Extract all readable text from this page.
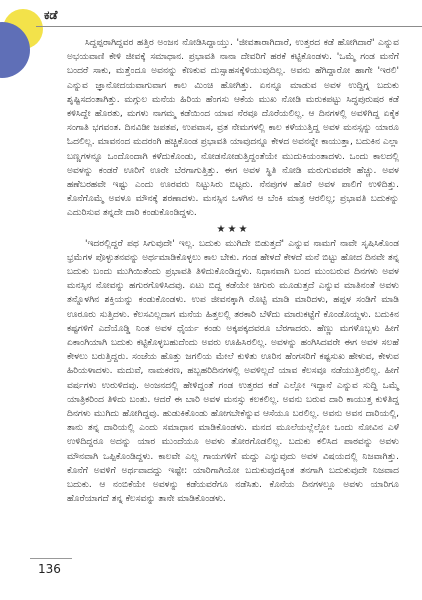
ಕಡೆ

ಸಿದ್ದಪ್ಪರಾಗಿದ್ದವರ ಹತ್ತಿರ ಅಂಜನ ನೋಡಿಸಿದ್ದಾಯ್ತು. 'ಜೀವತಾರಾಗಿದಾರೆ, ಉತ್ತರದ ಕಡೆ ಹೋಗಿದಾರೆ' ಎನ್ನುವ ಅಭಯವಾಣಿ ಕೇಳಿ ಜೀವಕ್ಕೆ ಸಮಾಧಾನ. ಪ್ರಭಾವತಿ ನಾನಾ ದೇವರಿಗೆ ಹರಕೆ ಕಟ್ಟಿಕೊಂಡಳು. 'ಒಮ್ಮೆ ಗಂಡ ಮನೆಗೆ ಬಂದರೆ ಸಾಕು, ಮತ್ತೆಂದೂ ಅವನನ್ನು ಕೆಣಕುವ ದುಸ್ಸಾಹಸಕ್ಕೆಳಿಯುವುದಿಲ್ಲ. ಅವನು ಹೆಗಿದ್ದಾರೋ ಹಾಗೇ 'ಇರಲಿ' ಎನ್ನುವ ಜ್ಞಾನೋದಯವಾಗುವಾಗ ಕಾಲ ಮಿಂಚಿ ಹೋಗಿತ್ತು. ಏನನ್ನೂ ಮಾಡುವ ಅವಳ ಉದ್ದಿಗ್ನ ಬದುಕು ಶೃಷ್ಟಿಸದಂತಾಗಿತ್ತು. ಮಗ್ಗುಲ ಮನೆಯ ಹಿರಿಯ ಹೆಂಗಸು ಆಕೆಯ ಮುಖ ನೋಡಿ ಮರುಕಪಟ್ಟು ಸಿದ್ಧಪುರುಷರ ಕಡೆ ಕಳಿಸಿದ್ದೇ ಹೊರತು, ಮಗಳು ನಾಗಮ್ಮ ಕಡೆಯಿಂದ ಯಾವ ನೆರವೂ ದೊರೆಯಲಿಲ್ಲ. ಆ ದಿನಗಳಲ್ಲಿ ಅವಳಿಗಿದ್ದ ಏಕೈಕ ಸಂಗಾತಿ ಭಗವಂತ. ದಿನವಿಡೀ ಜಪತಪ, ಉಪವಾಸ, ವ್ರತ ನೇಮಗಳಲ್ಲಿ ಕಾಲ ಕಳೆಯುತ್ತಿದ್ದ ಅವಳ ಮನಸ್ಸನ್ನು ಯಾರೂ ಓದಲಿಲ್ಲ. ಮಾವನಂದ ಮದರಂಗಿ ಹಚ್ಚಿಕೊಂಡ ಪ್ರಭಾವತಿ ಯಾವುದನ್ನೂ ಕೇಳದ ಅವನನ್ನೇ ಕಾಯುತ್ತಾ, ಬದುಕಿನ ಎಲ್ಲಾ ಬಣ್ಣಗಳನ್ನೂ ಒಂದೊಂದಾಗಿ ಕಳೆದುಕೊಂಡು, ನೋಡನೋಡುತ್ತಿದ್ದಂತೆಯೇ ಮುದುಕಿಯಂತಾದಳು. ಒಂದು ಕಾಲದಲ್ಲಿ ಅವಳನ್ನು ಕಂಡರೆ ಊರಿಗೆ ಊರೇ ಬೆರಗಾಗುತ್ತಿತ್ತು. ಈಗ ಅವಳ ಸ್ಥಿತಿ ನೋಡಿ ಮರುಗುವವರೇ ಹೆಚ್ಚು. ಅವಳ ಹಣೆಬರಹವೇ ಇಷ್ಟು ಎಂದು ಊರವರು ನಿಟ್ಟುಸಿರು ಬಿಟ್ಟರು. ನೆನಪುಗಳ ಹೊರೆ ಅವಳ ಪಾಲಿಗೆ ಉಳಿದಿತ್ತು. ಕೊನೆಗೊಮ್ಮೆ ಅವಳೂ ಮೌನಕ್ಕೆ ಶರಣಾದಳು. ಮನಸ್ಸಿನ ಒಳಗಿನ ಆ ಬೆಂಕಿ ಮಾತ್ರ ಆರಲಿಲ್ಲ; ಪ್ರಭಾವತಿ ಬದುಕನ್ನು ಎದುರಿಸುವ ತನ್ನದೇ ದಾರಿ ಕಂಡುಕೊಂಡಿದ್ದಳು.

★★★

'ಇದರಲ್ಲಿದ್ದರೆ ಪಥ ಸಿಗುವುದೇ' ಇಲ್ಲ. ಬದುಕು ಮುಗಿದೇ ಬಿಡುತ್ತದೆ' ಎನ್ನುವ ನಾಮಗೆ ನಾವೇ ಸೃಷಿಸಿಕೊಂಡ ಭ್ರಮೆಗಳ ಪೊಳ್ಳುತನವನ್ನು ಅರ್ಥಮಾಡಿಕೊಳ್ಳಲು ಕಾಲ ಬೇಕು. ಗಂಡ ಹೇಳದೆ ಕೇಳದೆ ಮನೆ ಬಿಟ್ಟು ಹೋದ ದಿನವೇ ತನ್ನ ಬದುಕು ಬಂದು ಮುಗಿಯಿತೆಂದು ಪ್ರಭಾವತಿ ತಿಳಿದುಕೊಂಡಿದ್ದಳು. ನಿಧಾನವಾಗಿ ಬಂದ ಮುಂಬರುವ ದಿನಗಳು ಅವಳ ಮನಸ್ಸಿನ ನೋವನ್ನು ಹಗುರಗೊಳಿಸಿದವು. ಏಟು ಬಿದ್ದ ಕಡೆಯೇ ಚಿಗುರು ಮೂಡುತ್ತದೆ ಎನ್ನುವ ಮಾತಿನಂತೆ ಅವಳು ತನ್ನೊಳಗಿನ ಶಕ್ತಿಯನ್ನು ಕಂಡುಕೊಂಡಳು. ಉಪ ಜೀವನಕ್ಕಾಗಿ ರೊಟ್ಟಿ ಮಾಡಿ ಮಾರಿದಳು, ಹಪ್ಪಳ ಸಂಡಿಗೆ ಮಾಡಿ ಊರೂರು ಸುತ್ತಿದಳು. ಕೆಲಸವಿಲ್ಲದಾಗ ಮನೆಯ ಹಿತ್ತಲಲ್ಲಿ ತರಕಾರಿ ಬೆಳೆದು ಮಾರುಕಟ್ಟೆಗೆ ಕೊಂಡೊಯ್ದಳು. ಬದುಕಿನ ಕಷ್ಟಗಳಿಗೆ ಎದೆಯೊಡ್ಡಿ ನಿಂತ ಅವಳ ಧೈರ್ಯ ಕಂಡು ಅಕ್ಕಪಕ್ಕದವರೂ ಬೆರಗಾದರು. ಹೆಣ್ಣು ಮಗಳೊಬ್ಬಳು ಹೀಗೆ ಏಕಾಂಗಿಯಾಗಿ ಬದುಕು ಕಟ್ಟಿಕೊಳ್ಳಬಹುದೆಂದು ಅವರು ಊಹಿಸಿರಲಿಲ್ಲ. ಅವಳನ್ನು ಹಂಗಿಸಿದವರೇ ಈಗ ಅವಳ ಸಲಹೆ ಕೇಳಲು ಬರುತ್ತಿದ್ದರು. ಸಂಜೆಯ ಹೊತ್ತು ಜಗಲಿಯ ಮೇಲೆ ಕುಳಿತು ಊರಿನ ಹೆಂಗಸರಿಗೆ ಕಷ್ಟಸುಖ ಹೇಳುವ, ಕೇಳುವ ಹಿರಿಯಳಾದಳು. ಮದುವೆ, ನಾಮಕರಣ, ಹಬ್ಬಹರಿದಿನಗಳಲ್ಲಿ ಅವಳಿಲ್ಲದೆ ಯಾವ ಕೆಲಸವೂ ನಡೆಯುತ್ತಿರಲಿಲ್ಲ. ಹೀಗೆ ವರ್ಷಗಳು ಉರುಳಿದವು. ಅಂಜನದಲ್ಲಿ ಹೇಳಿದ್ದಂತೆ ಗಂಡ ಉತ್ತರದ ಕಡೆ ಎಲ್ಲೋ ಇದ್ದಾನೆ ಎನ್ನುವ ಸುದ್ದಿ ಒಮ್ಮೆ ಯಾತ್ರಿಕರಿಂದ ತಿಳಿದು ಬಂತು. ಆದರೆ ಈ ಬಾರಿ ಅವಳ ಮನಸ್ಸು ಕಲಕಲಿಲ್ಲ. ಅವನು ಬರುವ ದಾರಿ ಕಾಯುತ್ತ ಕುಳಿತಿದ್ದ ದಿನಗಳು ಮುಗಿದು ಹೋಗಿದ್ದವು. ಹುಡುಕಿಕೊಂಡು ಹೋಗಬೇಕೆನ್ನುವ ಆಸೆಯೂ ಬರಲಿಲ್ಲ. ಅವನು ಅವನ ದಾರಿಯಲ್ಲಿ, ತಾನು ತನ್ನ ದಾರಿಯಲ್ಲಿ ಎಂದು ಸಮಾಧಾನ ಮಾಡಿಕೊಂಡಳು. ಮನದ ಮೂಲೆಯಲ್ಲೆಲ್ಲೋ ಒಂದು ನೋವಿನ ಎಳೆ ಉಳಿದಿದ್ದರೂ ಅದನ್ನು ಯಾರ ಮುಂದೆಯೂ ಅವಳು ತೋರಗೊಡಲಿಲ್ಲ. ಬದುಕು ಕಲಿಸಿದ ಪಾಠವನ್ನು ಅವಳು ಮೌನವಾಗಿ ಒಪ್ಪಿಕೊಂಡಿದ್ದಳು. ಕಾಲವೇ ಎಲ್ಲ ಗಾಯಗಳಿಗೆ ಮದ್ದು ಎನ್ನುವುದು ಅವಳ ವಿಷಯದಲ್ಲಿ ನಿಜವಾಗಿತ್ತು. ಕೊನೆಗೆ ಅವಳಿಗೆ ಅರ್ಥವಾದದ್ದು ಇಷ್ಟೇ: ಯಾರಿಗಾಗಿಯೋ ಬದುಕುವುದಕ್ಕಿಂತ ತನಗಾಗಿ ಬದುಕುವುದೇ ನಿಜವಾದ ಬದುಕು. ಆ ನಂಬಿಕೆಯೇ ಅವಳನ್ನು ಕಡೆಯವರೆಗೂ ನಡೆಸಿತು. ಕೊನೆಯ ದಿನಗಳಲ್ಲೂ ಅವಳು ಯಾರಿಗೂ ಹೊರೆಯಾಗದೆ ತನ್ನ ಕೆಲಸವನ್ನು ತಾನೇ ಮಾಡಿಕೊಂಡಳು.

136
